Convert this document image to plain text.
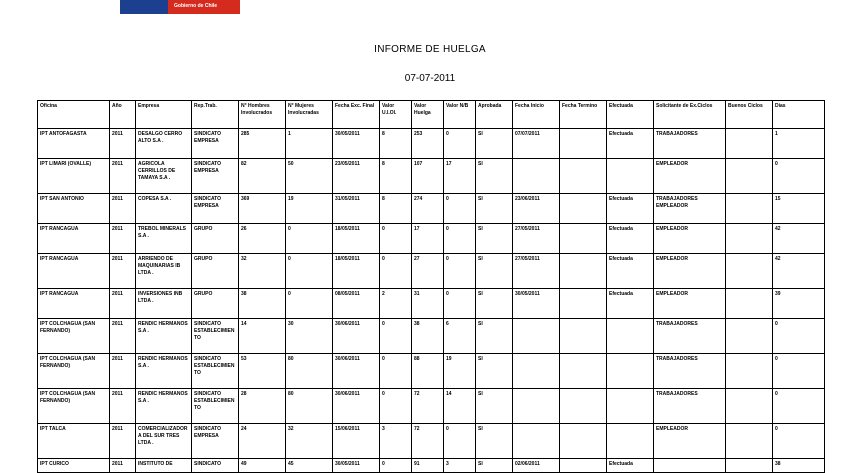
Gobierno de Chile
INFORME DE HUELGA
07-07-2011
Oficina	Año	Empresa	Rep.Trab.	N° Hombres Involucrados	N° Mujeres Involucradas	Fecha Exc. Final	Valor U.I.Ol.	Valor Huelga	Valor N/B	Aprobada	Fecha Inicio	Fecha Termino	Efectuada	Solicitante de Ex.Ciclos	Buenos Ciclos	Días
IPT ANTOFAGASTA	2011	DESALGO CERRO ALTO S.A .	SINDICATO EMPRESA	285	1	30/05/2011	8	253	0	SI	07/07/2011		Efectuada	TRABAJADORES		1
IPT LIMARI (OVALLE)	2011	AGRICOLA CERRILLOS DE TAMAYA S.A .	SINDICATO EMPRESA	82	50	23/05/2011	8	107	17	SI				EMPLEADOR		0
IPT SAN ANTONIO	2011	COPESA S.A .	SINDICATO EMPRESA	369	19	31/05/2011	8	274	0	SI	23/06/2011		Efectuada	TRABAJADORES EMPLEADOR		15
IPT RANCAGUA	2011	TREBOL MINERALS S.A .	GRUPO	26	0	18/05/2011	0	17	0	SI	27/05/2011		Efectuada	EMPLEADOR		42
IPT RANCAGUA	2011	ARRIENDO DE MAQUINARIAS IB LTDA .	GRUPO	32	0	18/05/2011	0	27	0	SI	27/05/2011		Efectuada	EMPLEADOR		42
IPT RANCAGUA	2011	INVERSIONES INB LTDA .	GRUPO	38	0	08/05/2011	2	31	0	SI	30/05/2011		Efectuada	EMPLEADOR		39
IPT COLCHAGUA (SAN FERNANDO)	2011	RENDIC HERMANOS S.A .	SINDICATO ESTABLECIMIENTO	14	30	30/06/2011	0	38	6	SI				TRABAJADORES		0
IPT COLCHAGUA (SAN FERNANDO)	2011	RENDIC HERMANOS S.A .	SINDICATO ESTABLECIMIENTO	53	80	30/06/2011	0	88	19	SI				TRABAJADORES		0
IPT COLCHAGUA (SAN FERNANDO)	2011	RENDIC HERMANOS S.A .	SINDICATO ESTABLECIMIENTO	28	80	30/06/2011	0	72	14	SI				TRABAJADORES		0
IPT TALCA	2011	COMERCIALIZADORA DEL SUR TRES LTDA .	SINDICATO EMPRESA	24	32	15/06/2011	3	72	0	SI				EMPLEADOR		0
IPT CURICO	2011	INSTITUTO DE	SINDICATO	49	45	30/05/2011	0	91	3	SI	02/06/2011		Efectuada			38
